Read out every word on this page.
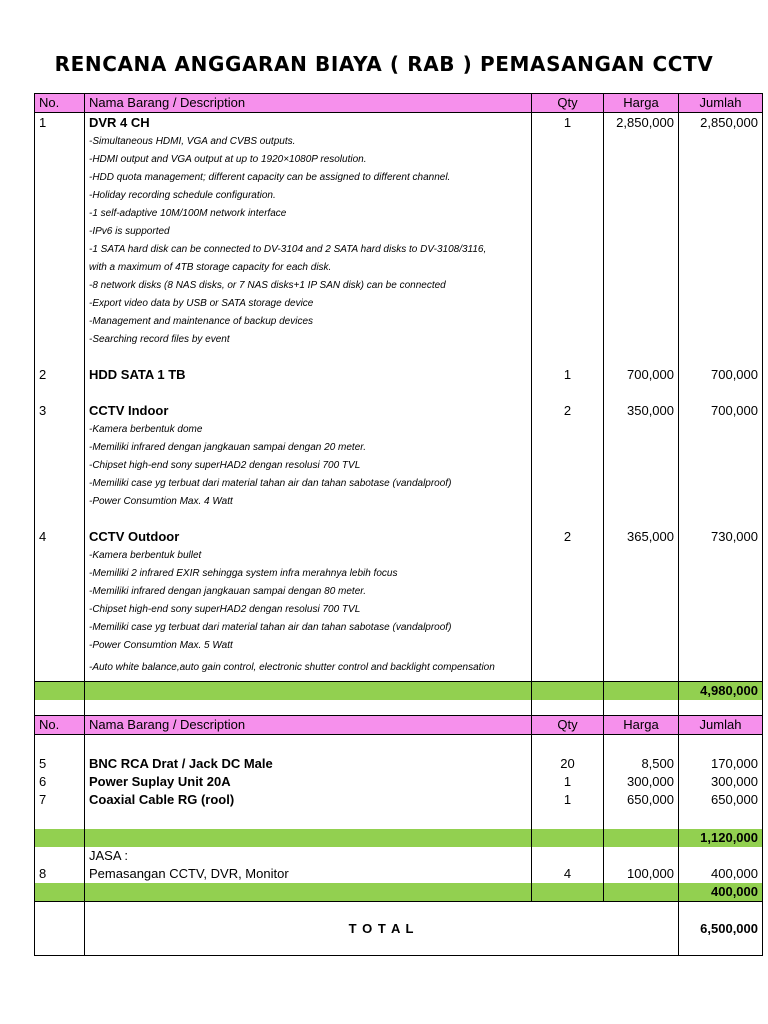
RENCANA ANGGARAN BIAYA ( RAB ) PEMASANGAN CCTV
No.	Nama Barang / Description	Qty	Harga	Jumlah
1	DVR 4 CH	1	2,850,000	2,850,000
	-Simultaneous HDMI, VGA and CVBS outputs.			
	-HDMI output and VGA output at up to 1920×1080P resolution.			
	-HDD quota management; different capacity can be assigned to different channel.			
	-Holiday recording schedule configuration.			
	-1 self-adaptive 10M/100M network interface			
	-IPv6 is supported			
	-1 SATA hard disk can be connected to DV-3104 and 2 SATA hard disks to DV-3108/3116,			
	with a maximum of 4TB storage capacity for each disk.			
	-8 network disks (8 NAS disks, or 7 NAS disks+1 IP SAN disk) can be connected			
	-Export video data by USB or SATA storage device			
	-Management and maintenance of backup devices			
	-Searching record files by event			

2	HDD SATA 1 TB	1	700,000	700,000

3	CCTV Indoor	2	350,000	700,000
	-Kamera berbentuk dome			
	-Memiliki infrared dengan jangkauan sampai dengan 20 meter.			
	-Chipset high-end sony superHAD2 dengan resolusi 700 TVL			
	-Memiliki case yg terbuat dari material tahan air dan tahan sabotase (vandalproof)			
	-Power Consumtion Max. 4 Watt			

4	CCTV Outdoor	2	365,000	730,000
	-Kamera berbentuk bullet			
	-Memiliki 2 infrared EXIR sehingga system infra merahnya lebih focus			
	-Memiliki infrared dengan jangkauan sampai dengan 80 meter.			
	-Chipset high-end sony superHAD2 dengan resolusi 700 TVL			
	-Memiliki case yg terbuat dari material tahan air dan tahan sabotase (vandalproof)			
	-Power Consumtion Max. 5 Watt			
	-Auto white balance,auto gain control, electronic shutter control and backlight compensation			
				4,980,000

No.	Nama Barang / Description	Qty	Harga	Jumlah

5	BNC RCA Drat / Jack DC Male	20	8,500	170,000
6	Power Suplay Unit 20A	1	300,000	300,000
7	Coaxial Cable RG (rool)	1	650,000	650,000

				1,120,000
	JASA :			
8	Pemasangan CCTV, DVR, Monitor	4	100,000	400,000
				400,000
	T O T A L			6,500,000
